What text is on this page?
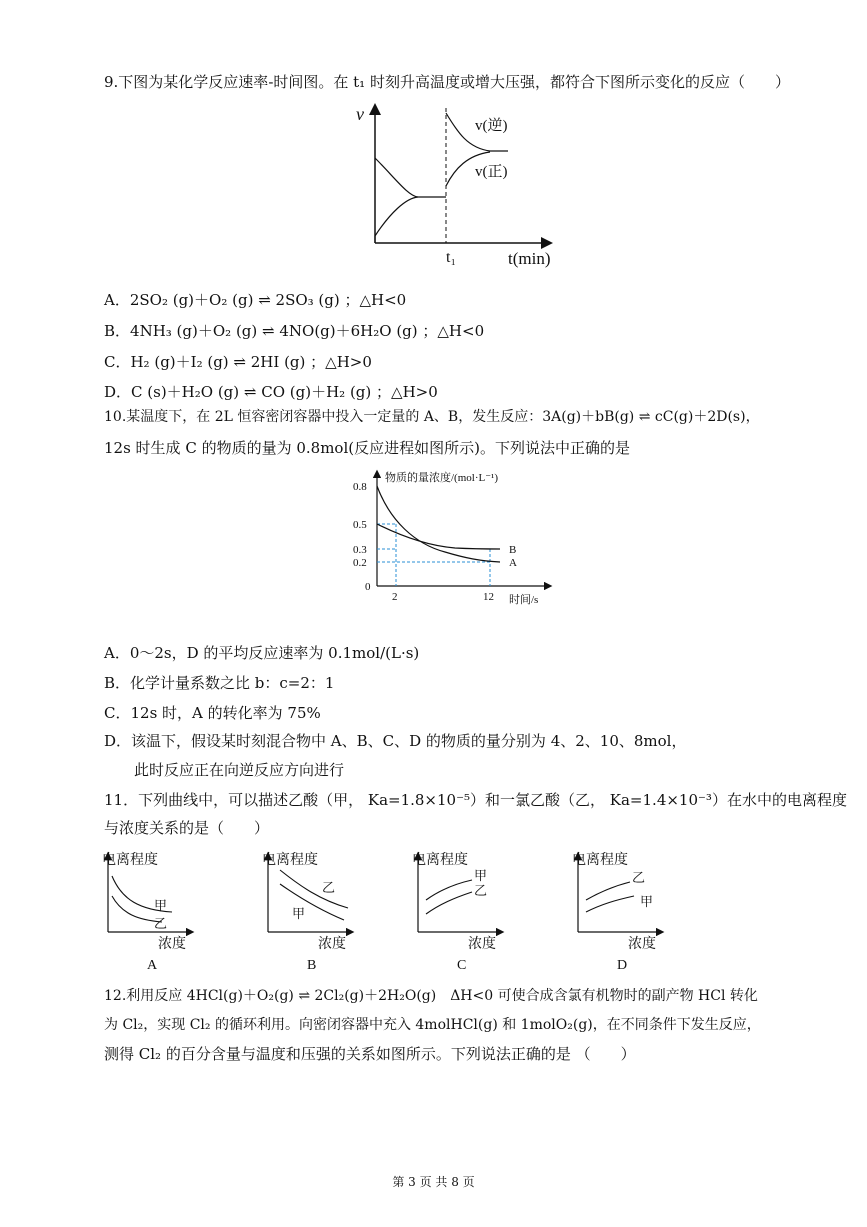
9.下图为某化学反应速率-时间图。在 t₁ 时刻升高温度或增大压强，都符合下图所示变化的反应（　　）
v
t(min)
t₁
v(逆)
v(正)
A．2SO₂ (g)＋O₂ (g) ⇌ 2SO₃ (g) ；△H<0
B．4NH₃ (g)＋O₂ (g) ⇌ 4NO(g)＋6H₂O (g) ；△H<0
C．H₂ (g)＋I₂ (g) ⇌ 2HI (g) ；△H>0
D．C (s)＋H₂O (g) ⇌ CO (g)＋H₂ (g) ；△H>0
10.某温度下，在 2L 恒容密闭容器中投入一定量的 A、B，发生反应：3A(g)＋bB(g) ⇌ cC(g)＋2D(s)，
12s 时生成 C 的物质的量为 0.8mol(反应进程如图所示)。下列说法中正确的是
0.8
0.5
0.3
0.2
0
2	12 时间/s
物质的量浓度/(mol·L⁻¹)
B
A
A．0～2s，D 的平均反应速率为 0.1mol/(L·s)
B．化学计量系数之比 b：c=2：1
C．12s 时，A 的转化率为 75%
D．该温下，假设某时刻混合物中 A、B、C、D 的物质的量分别为 4、2、10、8mol，
此时反应正在向逆反应方向进行
11．下列曲线中，可以描述乙酸（甲， Ka=1.8×10⁻⁵）和一氯乙酸（乙， Ka=1.4×10⁻³）在水中的电离程度
与浓度关系的是（　　）
电离程度
浓度
甲
乙
A
电离程度
浓度
乙
甲
B
电离程度
浓度
甲
乙
C
电离程度
浓度
乙
甲
D
12.利用反应 4HCl(g)＋O₂(g) ⇌ 2Cl₂(g)＋2H₂O(g)　ΔH<0 可使合成含氯有机物时的副产物 HCl 转化
为 Cl₂，实现 Cl₂ 的循环利用。向密闭容器中充入 4molHCl(g) 和 1molO₂(g)，在不同条件下发生反应，
测得 Cl₂ 的百分含量与温度和压强的关系如图所示。下列说法正确的是 （　　）
第 3 页 共 8 页
